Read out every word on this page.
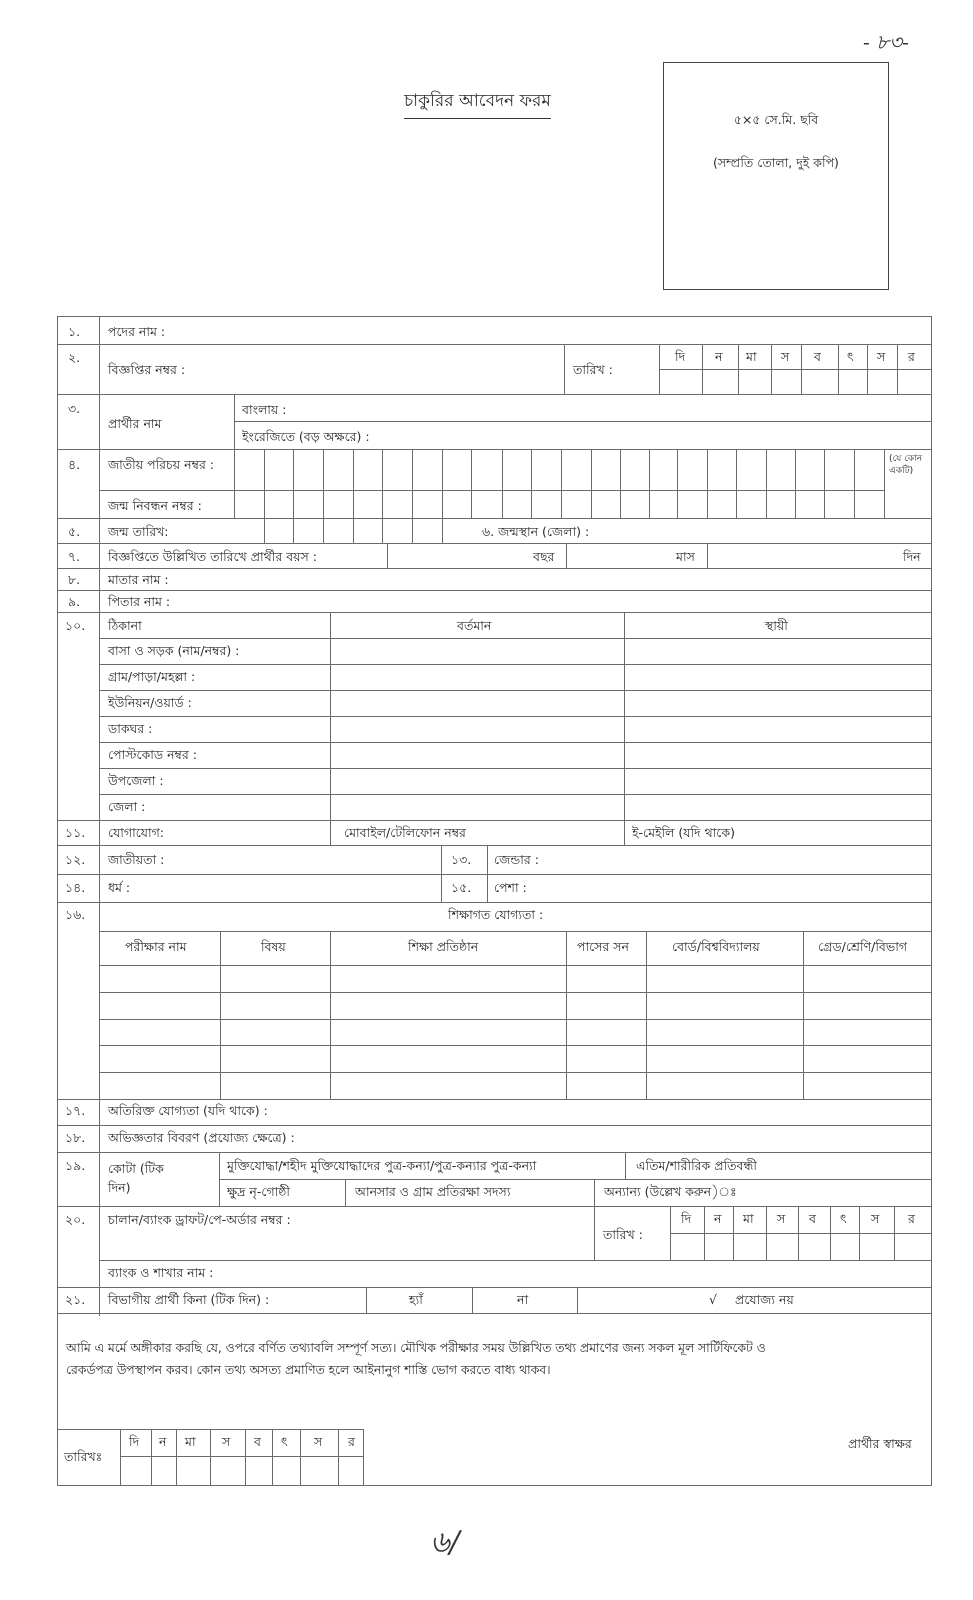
- ৮৩-
চাকুরির আবেদন ফরম
৫×৫ সে.মি. ছবি
(সম্প্রতি তোলা, দুই কপি)
১. পদের নাম :
২.
বিজ্ঞপ্তির নম্বর :	তারিখ :
দি ন মা স ব ৎ স র
৩.
প্রার্থীর নাম
বাংলায় :
ইংরেজিতে (বড় অক্ষরে) :
৪. জাতীয় পরিচয় নম্বর :
জন্ম নিবন্ধন নম্বর :
(যে কোন একটি)
৫. জন্ম তারিখ:	৬. জন্মস্থান (জেলা) :
৭. বিজ্ঞপ্তিতে উল্লিখিত তারিখে প্রার্থীর বয়স :	বছর	মাস	দিন
৮. মাতার নাম :
৯. পিতার নাম :
১০. ঠিকানা	বর্তমান	স্থায়ী
বাসা ও সড়ক (নাম/নম্বর) :
গ্রাম/পাড়া/মহল্লা :
ইউনিয়ন/ওয়ার্ড :
ডাকঘর :
পোস্টকোড নম্বর :
উপজেলা :
জেলা :
১১. যোগাযোগ:	মোবাইল/টেলিফোন নম্বর	ই-মেইলি (যদি থাকে)
১২. জাতীয়তা :	১৩. জেন্ডার :
১৪. ধর্ম :	১৫. পেশা :
১৬.	শিক্ষাগত যোগ্যতা :
পরীক্ষার নাম	বিষয়	শিক্ষা প্রতিষ্ঠান	পাসের সন	বোর্ড/বিশ্ববিদ্যালয়	গ্রেড/শ্রেণি/বিভাগ
১৭. অতিরিক্ত যোগ্যতা (যদি থাকে) :
১৮. অভিজ্ঞতার বিবরণ (প্রযোজ্য ক্ষেত্রে) :
১৯. কোটা (টিক দিন)
মুক্তিযোদ্ধা/শহীদ মুক্তিযোদ্ধাদের পুত্র-কন্যা/পুত্র-কন্যার পুত্র-কন্যা	এতিম/শারীরিক প্রতিবন্ধী
ক্ষুদ্র নৃ-গোষ্ঠী	আনসার ও গ্রাম প্রতিরক্ষা সদস্য	অন্যান্য (উল্লেখ করুন)ঃ
২০. চালান/ব্যাংক ড্রাফট/পে-অর্ডার নম্বর :
তারিখ :
দি ন মা স ব ৎ স র
ব্যাংক ও শাখার নাম :
২১. বিভাগীয় প্রার্থী কিনা (টিক দিন) :	হ্যাঁ	না	√ প্রযোজ্য নয়
আমি এ মর্মে অঙ্গীকার করছি যে, ওপরে বর্ণিত তথ্যাবলি সম্পূর্ণ সত্য। মৌখিক পরীক্ষার সময় উল্লিখিত তথ্য প্রমাণের জন্য সকল মূল সার্টিফিকেট ও
রেকর্ডপত্র উপস্থাপন করব। কোন তথ্য অসত্য প্রমাণিত হলে আইনানুগ শাস্তি ভোগ করতে বাধ্য থাকব।
তারিখঃ
দি ন মা স ব ৎ স র	প্রার্থীর স্বাক্ষর
৬/
